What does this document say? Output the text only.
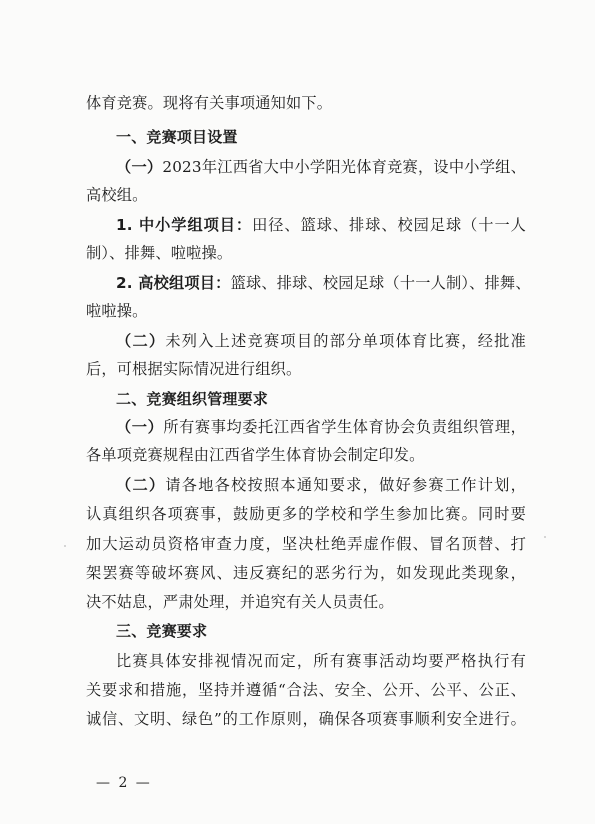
体育竞赛。现将有关事项通知如下。
一、竞赛项目设置
（一）2023年江西省大中小学阳光体育竞赛，设中小学组、
高校组。
1. 中小学组项目：田径、篮球、排球、校园足球（十一人
制）、排舞、啦啦操。
2. 高校组项目：篮球、排球、校园足球（十一人制）、排舞、
啦啦操。
（二）未列入上述竞赛项目的部分单项体育比赛，经批准
后，可根据实际情况进行组织。
二、竞赛组织管理要求
（一）所有赛事均委托江西省学生体育协会负责组织管理，
各单项竞赛规程由江西省学生体育协会制定印发。
（二）请各地各校按照本通知要求，做好参赛工作计划，
认真组织各项赛事，鼓励更多的学校和学生参加比赛。同时要
加大运动员资格审查力度，坚决杜绝弄虚作假、冒名顶替、打
架罢赛等破坏赛风、违反赛纪的恶劣行为，如发现此类现象，
决不姑息，严肃处理，并追究有关人员责任。
三、竞赛要求
比赛具体安排视情况而定，所有赛事活动均要严格执行有
关要求和措施，坚持并遵循“合法、安全、公开、公平、公正、
诚信、文明、绿色”的工作原则，确保各项赛事顺利安全进行。
— 2 —
